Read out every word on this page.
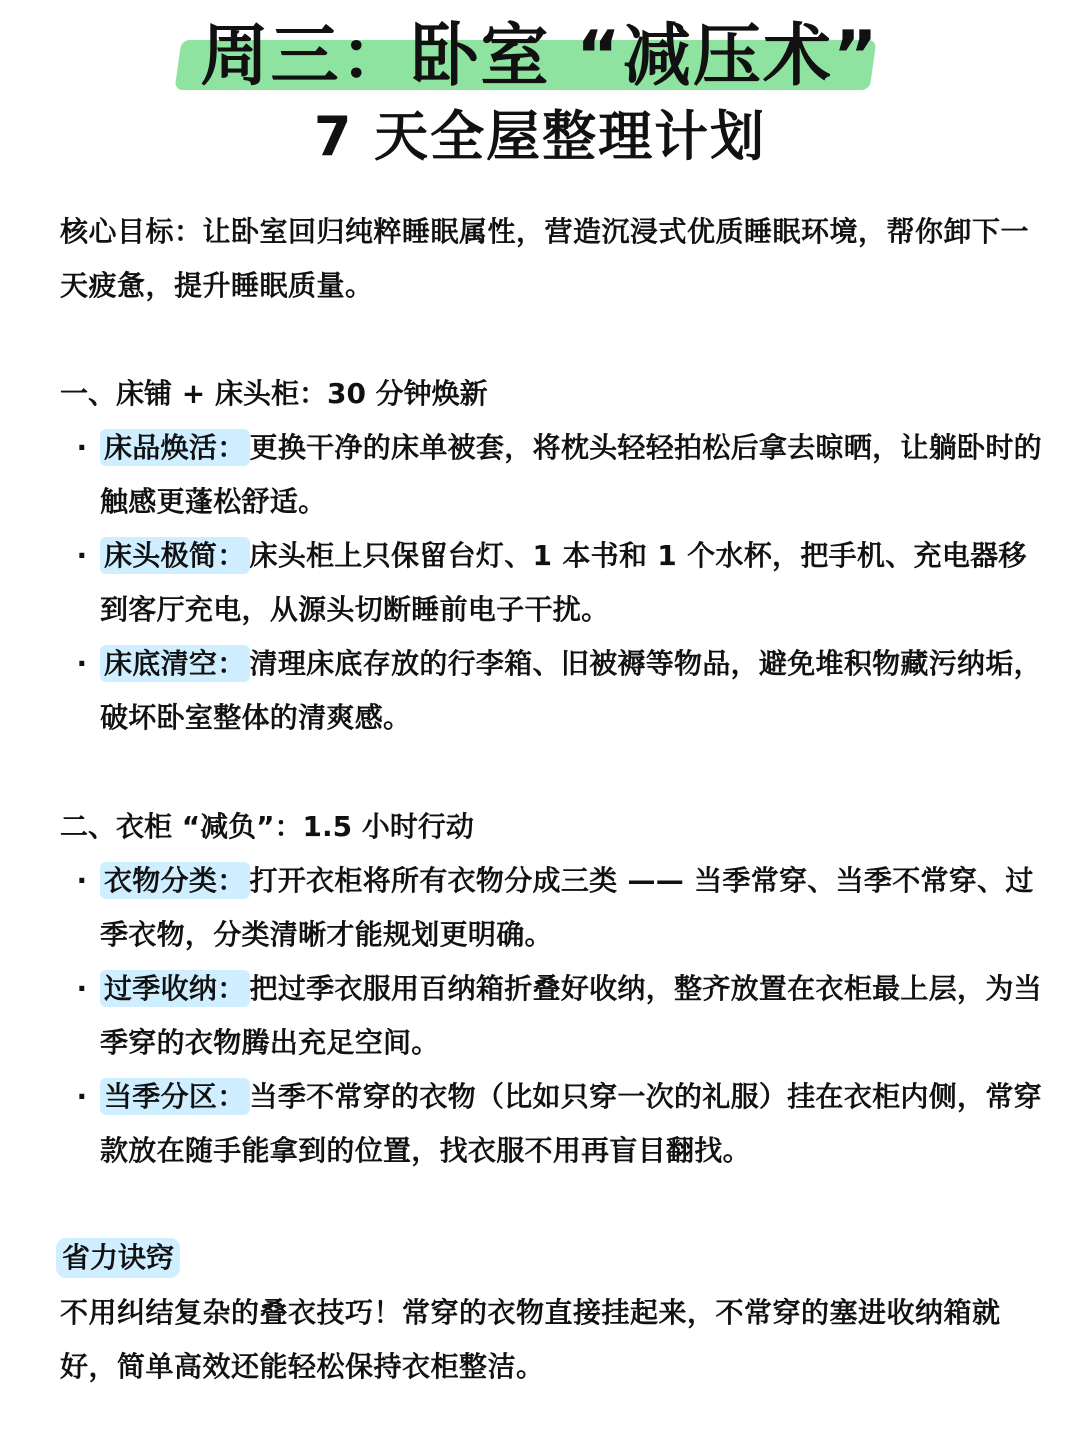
周三：卧室 “减压术”
7 天全屋整理计划
核心目标：让卧室回归纯粹睡眠属性，营造沉浸式优质睡眠环境，帮你卸下一天疲惫，提升睡眠质量。
一、床铺 + 床头柜：30 分钟焕新
· 床品焕活： 更换干净的床单被套，将枕头轻轻拍松后拿去晾晒，让躺卧时的触感更蓬松舒适。
· 床头极简： 床头柜上只保留台灯、1 本书和 1 个水杯，把手机、充电器移到客厅充电，从源头切断睡前电子干扰。
· 床底清空： 清理床底存放的行李箱、旧被褥等物品，避免堆积物藏污纳垢，破坏卧室整体的清爽感。
二、衣柜 “减负”：1.5 小时行动
· 衣物分类： 打开衣柜将所有衣物分成三类 —— 当季常穿、当季不常穿、过季衣物，分类清晰才能规划更明确。
· 过季收纳： 把过季衣服用百纳箱折叠好收纳，整齐放置在衣柜最上层，为当季穿的衣物腾出充足空间。
· 当季分区： 当季不常穿的衣物（比如只穿一次的礼服）挂在衣柜内侧，常穿款放在随手能拿到的位置，找衣服不用再盲目翻找。
省力诀窍
不用纠结复杂的叠衣技巧！常穿的衣物直接挂起来，不常穿的塞进收纳箱就好，简单高效还能轻松保持衣柜整洁。
